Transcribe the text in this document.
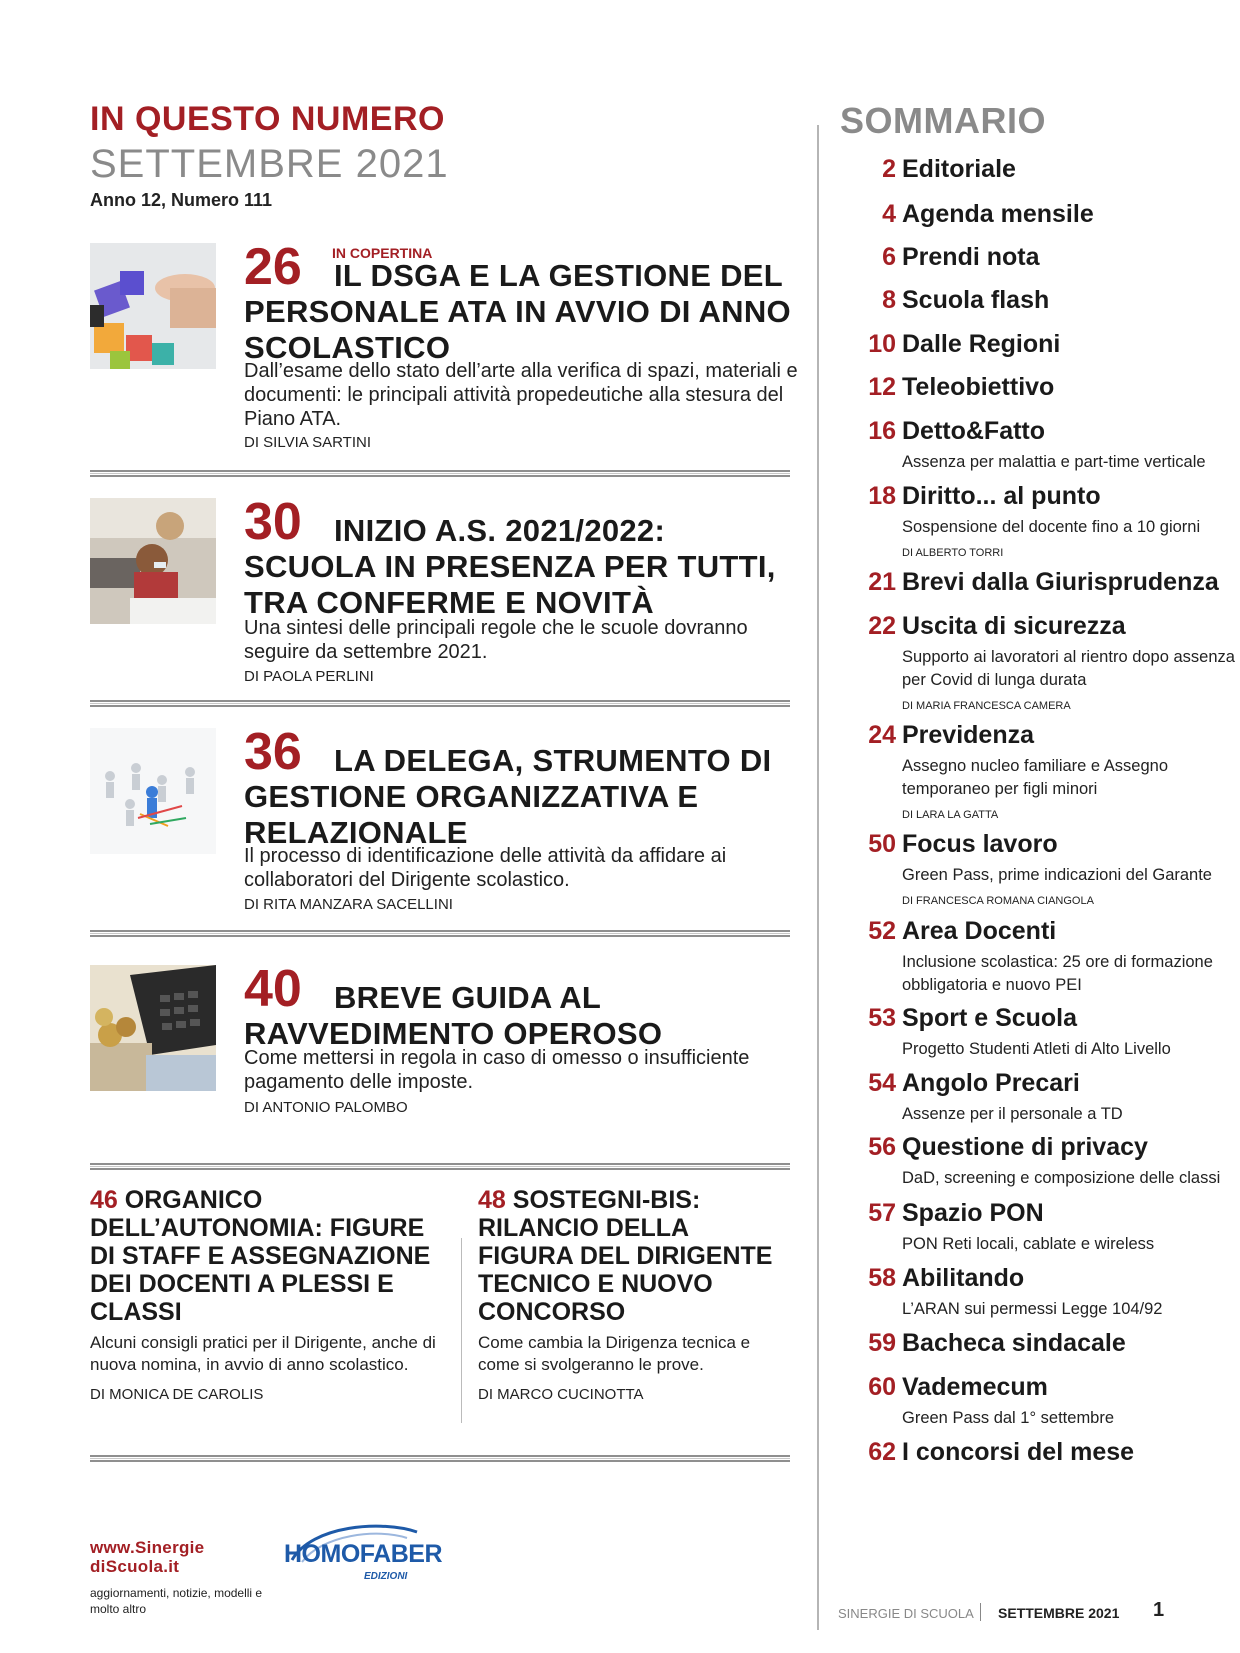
IN QUESTO NUMERO
SETTEMBRE 2021
Anno 12, Numero 111
26 IN COPERTINA
IL DSGA E LA GESTIONE DEL PERSONALE ATA IN AVVIO DI ANNO SCOLASTICO
Dall’esame dello stato dell’arte alla verifica di spazi, materiali e documenti: le principali attività propedeutiche alla stesura del Piano ATA.
DI SILVIA SARTINI
30	INIZIO A.S. 2021/2022: SCUOLA IN PRESENZA PER TUTTI, TRA CONFERME E NOVITÀ
Una sintesi delle principali regole che le scuole dovranno seguire da settembre 2021.
DI PAOLA PERLINI
36	LA DELEGA, STRUMENTO DI GESTIONE ORGANIZZATIVA E RELAZIONALE
Il processo di identificazione delle attività da affidare ai collaboratori del Dirigente scolastico.
DI RITA MANZARA SACELLINI
40	BREVE GUIDA AL RAVVEDIMENTO OPEROSO
Come mettersi in regola in caso di omesso o insufficiente pagamento delle imposte.
DI ANTONIO PALOMBO
46 ORGANICO DELL’AUTONOMIA: FIGURE DI STAFF E ASSEGNAZIONE DEI DOCENTI A PLESSI E CLASSI
Alcuni consigli pratici per il Dirigente, anche di nuova nomina, in avvio di anno scolastico.
DI MONICA DE CAROLIS
48 SOSTEGNI-BIS: RILANCIO DELLA FIGURA DEL DIRIGENTE TECNICO E NUOVO CONCORSO
Come cambia la Dirigenza tecnica e come si svolgeranno le prove.
DI MARCO CUCINOTTA
www.Sinergie
diScuola.it
aggiornamenti, notizie, modelli e molto altro
HOMOFABER
EDIZIONI
SOMMARIO
2 Editoriale
4 Agenda mensile
6 Prendi nota
8 Scuola flash
10 Dalle Regioni
12 Teleobiettivo
16 Detto&Fatto
Assenza per malattia e part-time verticale
18 Diritto... al punto
Sospensione del docente fino a 10 giorni
DI ALBERTO TORRI
21 Brevi dalla Giurisprudenza
22 Uscita di sicurezza
Supporto ai lavoratori al rientro dopo assenza per Covid di lunga durata
DI MARIA FRANCESCA CAMERA
24 Previdenza
Assegno nucleo familiare e Assegno temporaneo per figli minori
DI LARA LA GATTA
50 Focus lavoro
Green Pass, prime indicazioni del Garante
DI FRANCESCA ROMANA CIANGOLA
52 Area Docenti
Inclusione scolastica: 25 ore di formazione obbligatoria e nuovo PEI
53 Sport e Scuola
Progetto Studenti Atleti di Alto Livello
54 Angolo Precari
Assenze per il personale a TD
56 Questione di privacy
DaD, screening e composizione delle classi
57 Spazio PON
PON Reti locali, cablate e wireless
58 Abilitando
L’ARAN sui permessi Legge 104/92
59 Bacheca sindacale
60 Vademecum
Green Pass dal 1° settembre
62 I concorsi del mese
SINERGIE DI SCUOLA SETTEMBRE 2021 1
